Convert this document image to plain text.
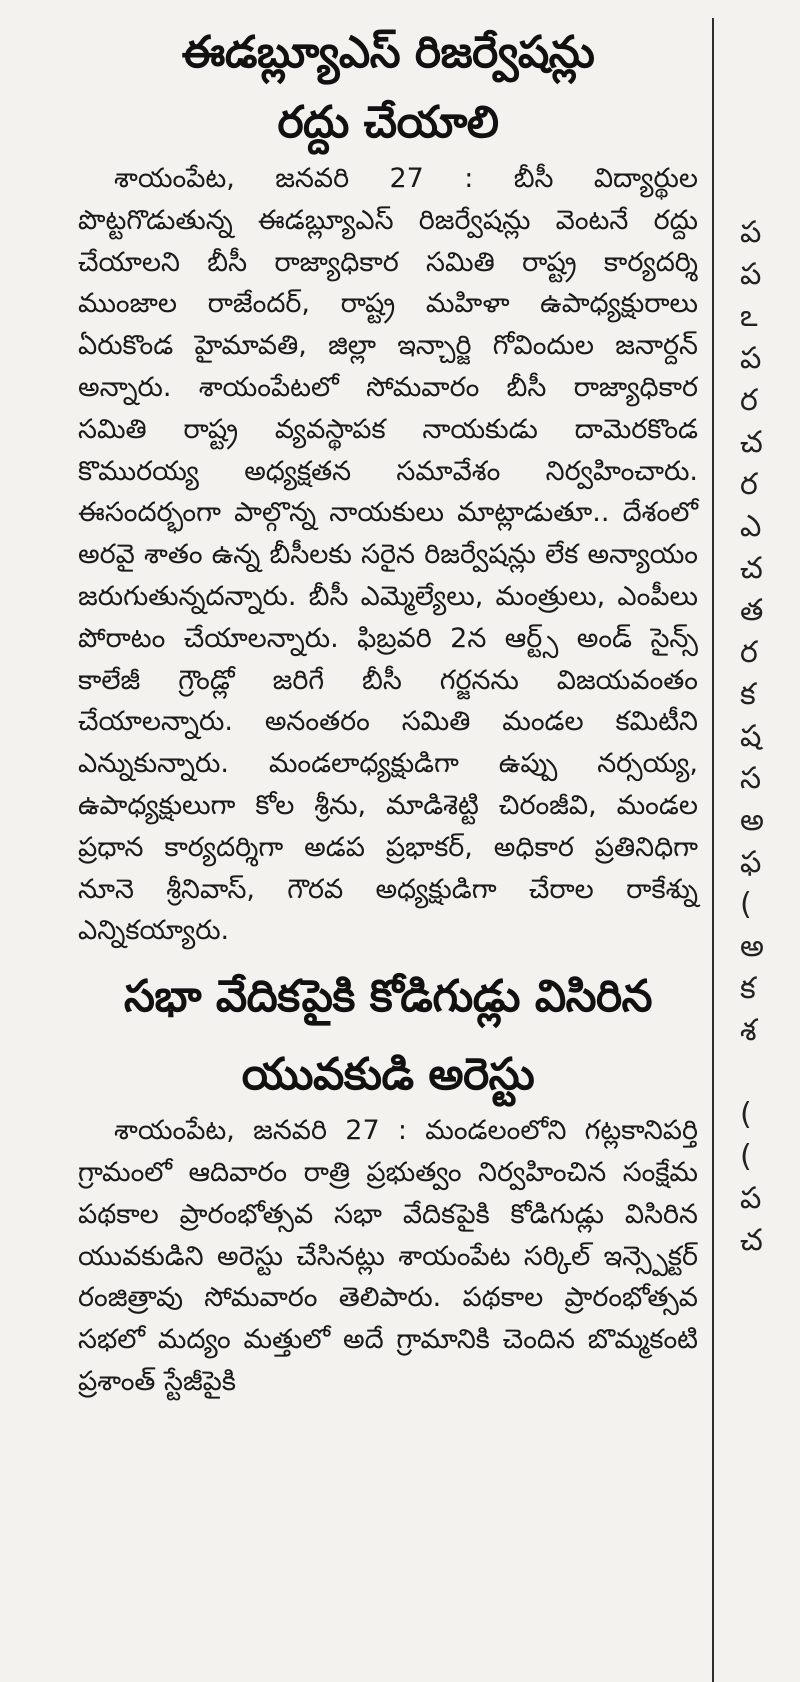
ఈడబ్ల్యూఎస్ రిజర్వేషన్లు
రద్దు చేయాలి

శాయంపేట, జనవరి 27 : బీసీ విద్యార్థుల పొట్టగొడుతున్న ఈడబ్ల్యూఎస్ రిజర్వేషన్లు వెంటనే రద్దు చేయాలని బీసీ రాజ్యాధికార సమితి రాష్ట్ర కార్యదర్శి ముంజాల రాజేందర్, రాష్ట్ర మహిళా ఉపాధ్యక్షురాలు ఏరుకొండ హైమావతి, జిల్లా ఇన్చార్జి గోవిందుల జనార్దన్ అన్నారు. శాయంపేటలో సోమవారం బీసీ రాజ్యాధికార సమితి రాష్ట్ర వ్యవస్థాపక నాయకుడు దామెరకొండ కొమురయ్య అధ్యక్షతన సమావేశం నిర్వహించారు. ఈసందర్భంగా పాల్గొన్న నాయకులు మాట్లాడుతూ.. దేశంలో అరవై శాతం ఉన్న బీసీలకు సరైన రిజర్వేషన్లు లేక అన్యాయం జరుగుతున్నదన్నారు. బీసీ ఎమ్మెల్యేలు, మంత్రులు, ఎంపీలు పోరాటం చేయాలన్నారు. ఫిబ్రవరి 2న ఆర్ట్స్ అండ్ సైన్స్ కాలేజీ గ్రౌండ్లో జరిగే బీసీ గర్జనను విజయవంతం చేయాలన్నారు. అనంతరం సమితి మండల కమిటీని ఎన్నుకున్నారు. మండలాధ్యక్షుడిగా ఉప్పు నర్సయ్య, ఉపాధ్యక్షులుగా కోల శ్రీను, మాడిశెట్టి చిరంజీవి, మండల ప్రధాన కార్యదర్శిగా అడప ప్రభాకర్, అధికార ప్రతినిధిగా నూనె శ్రీనివాస్, గౌరవ అధ్యక్షుడిగా చేరాల రాకేశ్ను ఎన్నికయ్యారు.

సభా వేదికపైకి కోడిగుడ్లు విసిరిన
యువకుడి అరెస్టు

శాయంపేట, జనవరి 27 : మండలంలోని గట్లకానిపర్తి గ్రామంలో ఆదివారం రాత్రి ప్రభుత్వం నిర్వహించిన సంక్షేమ పథకాల ప్రారంభోత్సవ సభా వేదికపైకి కోడిగుడ్లు విసిరిన యువకుడిని అరెస్టు చేసినట్లు శాయంపేట సర్కిల్ ఇన్స్పెక్టర్ రంజిత్రావు సోమవారం తెలిపారు. పథకాల ప్రారంభోత్సవ సభలో మద్యం మత్తులో అదే గ్రామానికి చెందిన బొమ్మకంటి ప్రశాంత్ స్టేజీపైకి

ప
ప
ఽ
ప
ర
చ
ర
ఎ
చ
త
ర
క
ష
స
అ
ఫ
(
అ
క
శ
(
(
ప
చ
